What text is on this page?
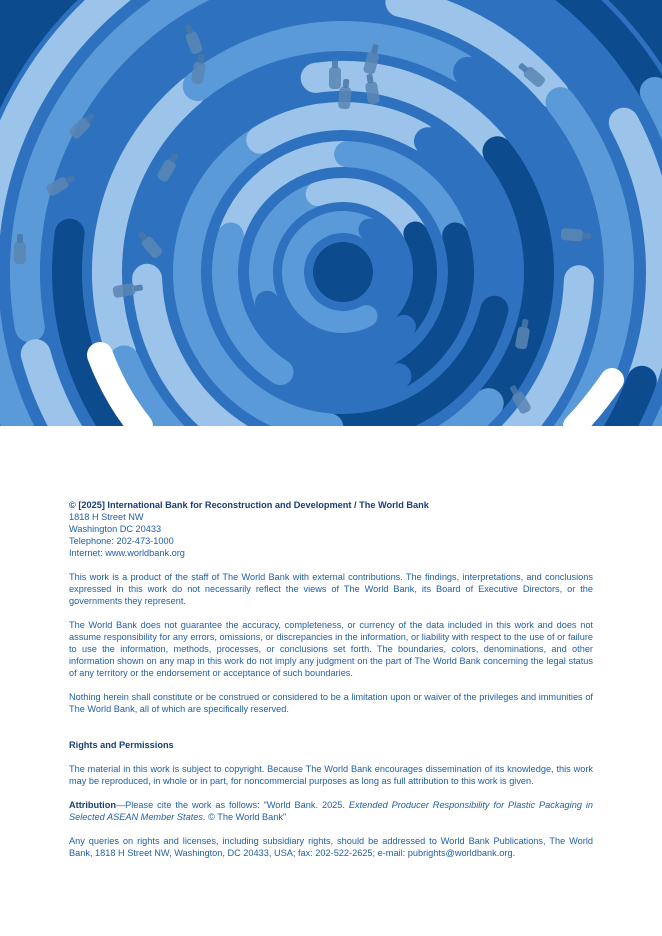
© [2025] International Bank for Reconstruction and Development / The World Bank
1818 H Street NW
Washington DC 20433
Telephone: 202-473-1000
Internet: www.worldbank.org

This work is a product of the staff of The World Bank with external contributions. The findings, interpretations, and conclusions expressed in this work do not necessarily reflect the views of The World Bank, its Board of Executive Directors, or the governments they represent.

The World Bank does not guarantee the accuracy, completeness, or currency of the data included in this work and does not assume responsibility for any errors, omissions, or discrepancies in the information, or liability with respect to the use of or failure to use the information, methods, processes, or conclusions set forth. The boundaries, colors, denominations, and other information shown on any map in this work do not imply any judgment on the part of The World Bank concerning the legal status of any territory or the endorsement or acceptance of such boundaries.

Nothing herein shall constitute or be construed or considered to be a limitation upon or waiver of the privileges and immunities of The World Bank, all of which are specifically reserved.

Rights and Permissions

The material in this work is subject to copyright. Because The World Bank encourages dissemination of its knowledge, this work may be reproduced, in whole or in part, for noncommercial purposes as long as full attribution to this work is given.

Attribution—Please cite the work as follows: "World Bank. 2025. Extended Producer Responsibility for Plastic Packaging in Selected ASEAN Member States. © The World Bank"

Any queries on rights and licenses, including subsidiary rights, should be addressed to World Bank Publications, The World Bank, 1818 H Street NW, Washington, DC 20433, USA; fax: 202-522-2625; e-mail: pubrights@worldbank.org.
